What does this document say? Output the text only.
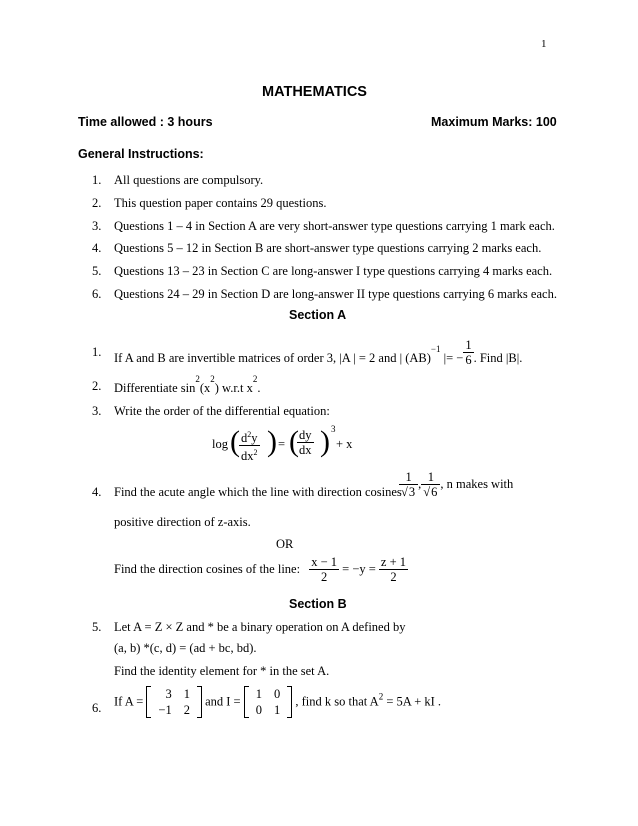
1
MATHEMATICS
Time allowed : 3 hours	Maximum Marks: 100
General Instructions:
1.	All questions are compulsory.
2.	This question paper contains 29 questions.
3.	Questions 1 – 4 in Section A are very short-answer type questions carrying 1 mark each.
4.	Questions 5 – 12 in Section B are short-answer type questions carrying 2 marks each.
5.	Questions 13 – 23 in Section C are long-answer I type questions carrying 4 marks each.
6.	Questions 24 – 29 in Section D are long-answer II type questions carrying 6 marks each.
Section A
1.	If A and B are invertible matrices of order 3, |A | = 2 and | (AB)$^{-1}$ |= − $\frac{1}{6}$ . Find |B|.
2.	Differentiate $\sin^2(x^2)$ w.r.t $x^2$.
3.	Write the order of the differential equation:
log ( $\frac{d^2y}{dx^2}$ ) = (
$\frac{dy}{dx}$ ) 3
+ x
4.	Find the acute angle which the line with direction cosines
$\frac{1}{√3}$ , $\frac{1}{√6}$ , n makes with
positive direction of z-axis.
OR
Find the direction cosines of the line: $\frac{x - 1}{2} = -y = \frac{z + 1}{2}$
Section B
5.	Let A = Z × Z and * be a binary operation on A defined by
(a, b) *(c, d) = (ad + bc, bd).
Find the identity element for * in the set A.
6.	If A =
3	1
−1	2
and I =
1	0
0	1
, find k so that $A^2 = 5A$ + kI .
